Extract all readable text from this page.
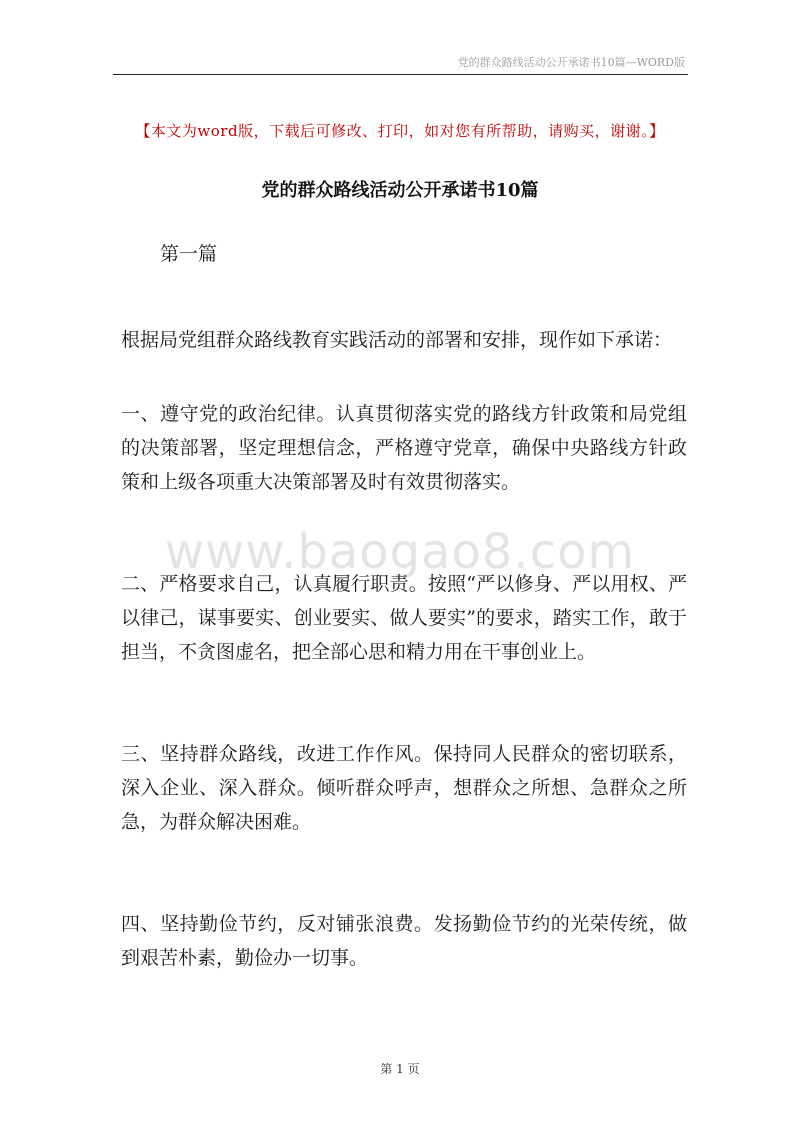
党的群众路线活动公开承诺书10篇—WORD版
【本文为word版，下载后可修改、打印，如对您有所帮助，请购买，谢谢。】
党的群众路线活动公开承诺书10篇
第一篇
根据局党组群众路线教育实践活动的部署和安排，现作如下承诺：
一、遵守党的政治纪律。认真贯彻落实党的路线方针政策和局党组的决策部署，坚定理想信念，严格遵守党章，确保中央路线方针政策和上级各项重大决策部署及时有效贯彻落实。
二、严格要求自己，认真履行职责。按照“严以修身、严以用权、严以律己，谋事要实、创业要实、做人要实”的要求，踏实工作，敢于担当，不贪图虚名，把全部心思和精力用在干事创业上。
三、坚持群众路线，改进工作作风。保持同人民群众的密切联系，深入企业、深入群众。倾听群众呼声，想群众之所想、急群众之所急，为群众解决困难。
四、坚持勤俭节约，反对铺张浪费。发扬勤俭节约的光荣传统，做到艰苦朴素，勤俭办一切事。
www.baogao8.com
第 1 页
